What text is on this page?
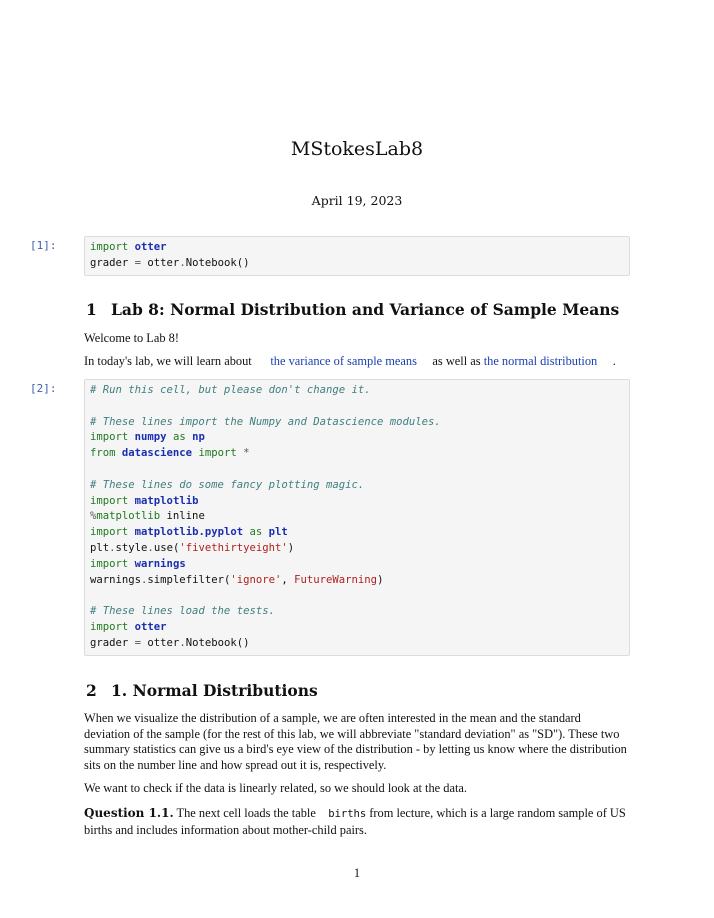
MStokesLab8
April 19, 2023
[1]:	import otter
grader = otter.Notebook()
1 Lab 8: Normal Distribution and Variance of Sample Means
Welcome to Lab 8!
In today's lab, we will learn about the variance of sample means as well as the normal distribution .
[2]:	# Run this cell, but please don't change it.

# These lines import the Numpy and Datascience modules.
import numpy as np
from datascience import *

# These lines do some fancy plotting magic.
import matplotlib
%matplotlib inline
import matplotlib.pyplot as plt
plt.style.use('fivethirtyeight')
import warnings
warnings.simplefilter('ignore', FutureWarning)

# These lines load the tests.
import otter
grader = otter.Notebook()
2 1. Normal Distributions
When we visualize the distribution of a sample, we are often interested in the mean and the standard deviation of the sample (for the rest of this lab, we will abbreviate "standard deviation" as "SD"). These two summary statistics can give us a bird's eye view of the distribution - by letting us know where the distribution sits on the number line and how spread out it is, respectively.
We want to check if the data is linearly related, so we should look at the data.
Question 1.1. The next cell loads the table births from lecture, which is a large random sample of US births and includes information about mother-child pairs.
1
